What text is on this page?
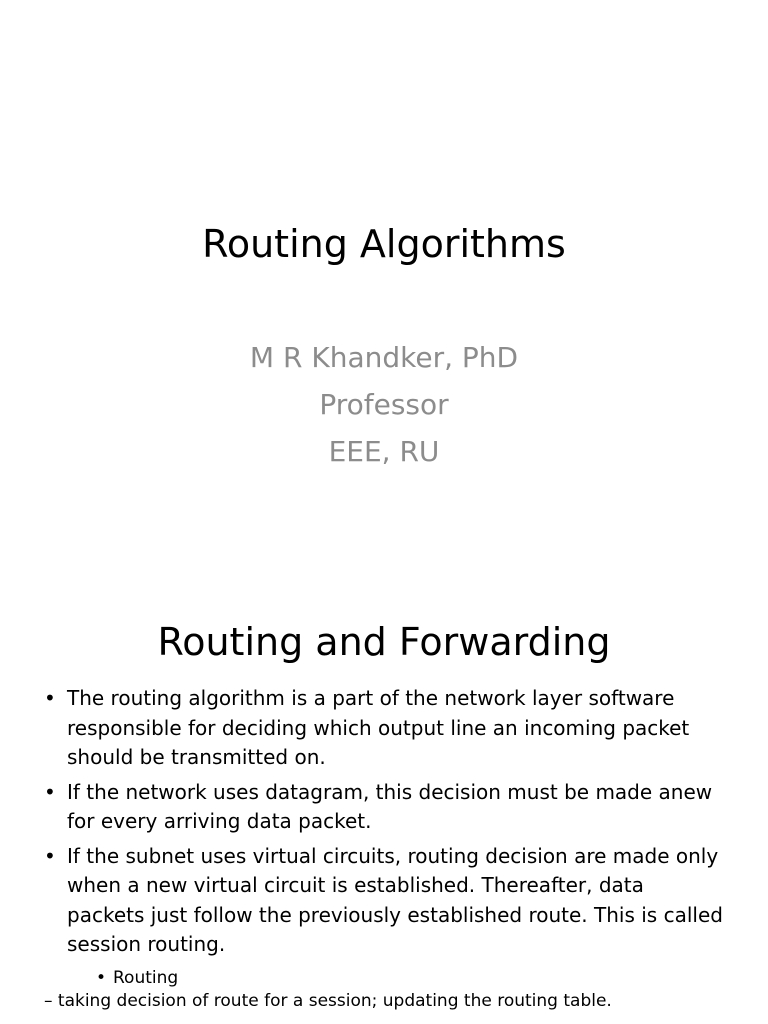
Routing Algorithms
M R Khandker, PhD
Professor
EEE, RU
Routing and Forwarding
• The routing algorithm is a part of the network layer software responsible for deciding which output line an incoming packet should be transmitted on.
• If the network uses datagram, this decision must be made anew for every arriving data packet.
• If the subnet uses virtual circuits, routing decision are made only when a new virtual circuit is established. Thereafter, data packets just follow the previously established route. This is called session routing.
• Routing
– taking decision of route for a session; updating the routing table.
